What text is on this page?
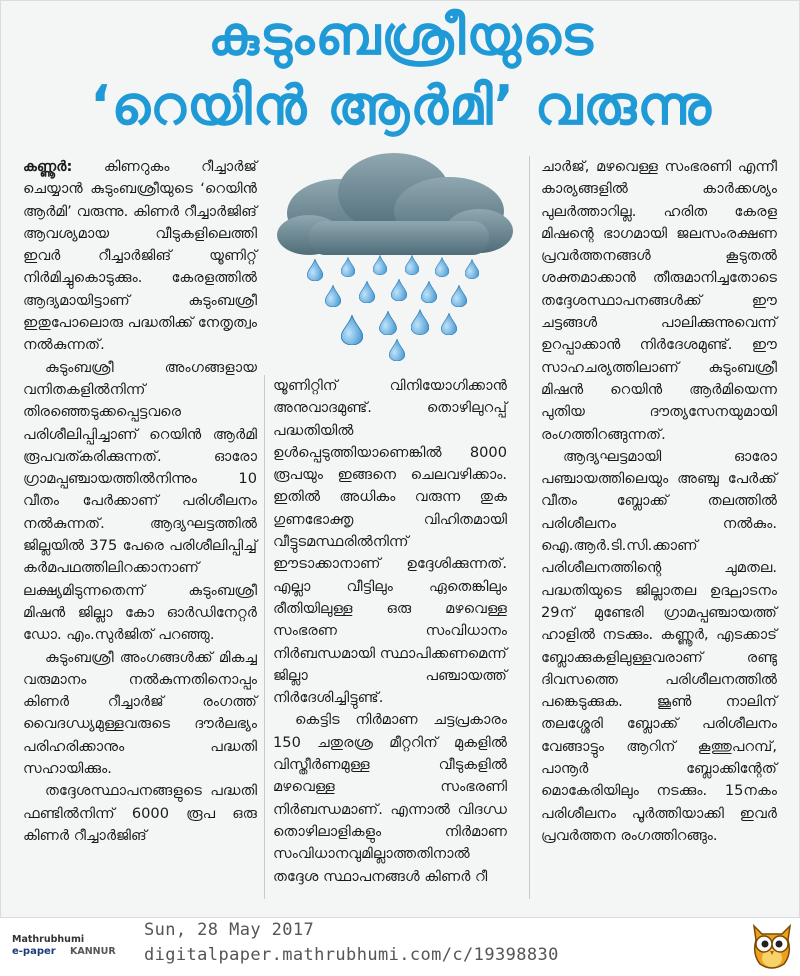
കുടുംബശ്രീയുടെ
‘റെയിൻ ആർമി’ വരുന്നു

കണ്ണൂർ: കിണറുകം റീച്ചാർജ് ചെയ്യാൻ കുടുംബശ്രീയുടെ ‘റെയിൻ ആർമി’ വരുന്നു. കിണർ റീച്ചാർജിങ് ആവശ്യമായ വീടുകളിലെത്തി ഇവർ റീച്ചാർജിങ് യൂണിറ്റ് നിർമിച്ചുകൊടുക്കും. കേരളത്തിൽ ആദ്യമായിട്ടാണ് കുടുംബശ്രീ ഇതുപോലൊരു പദ്ധതിക്ക് നേതൃത്വം നൽകുന്നത്.

കുടുംബശ്രീ അംഗങ്ങളായ വനിതകളിൽനിന്ന് തിരഞ്ഞെടുക്കപ്പെട്ടവരെ പരിശീലിപ്പിച്ചാണ് റെയിൻ ആർമി രൂപവത്കരിക്കുന്നത്. ഓരോ ഗ്രാമപ്പഞ്ചായത്തിൽനിന്നും 10 വീതം പേർക്കാണ് പരിശീലനം നൽകുന്നത്. ആദ്യഘട്ടത്തിൽ ജില്ലയിൽ 375 പേരെ പരിശീലിപ്പിച്ച് കർമപഥത്തിലിറക്കാനാണ് ലക്ഷ്യമിടുന്നതെന്ന് കുടുംബശ്രീ മിഷൻ ജില്ലാ കോ ഓർഡിനേറ്റർ ഡോ. എം.സുർജിത് പറഞ്ഞു.

കുടുംബശ്രീ അംഗങ്ങൾക്ക് മികച്ച വരുമാനം നൽകുന്നതിനൊപ്പം കിണർ റീച്ചാർജ് രംഗത്ത് വൈദഗ്ധ്യമുള്ളവരുടെ ദൗർലഭ്യം പരിഹരിക്കാനും പദ്ധതി സഹായിക്കും.

തദ്ദേശസ്ഥാപനങ്ങളുടെ പദ്ധതി ഫണ്ടിൽനിന്ന് 6000 രൂപ ഒരു കിണർ റീച്ചാർജിങ്

യൂണിറ്റിന് വിനിയോഗിക്കാൻ അനുവാദമുണ്ട്. തൊഴിലുറപ്പ് പദ്ധതിയിൽ ഉൾപ്പെടുത്തിയാണെങ്കിൽ 8000 രൂപയും ഇങ്ങനെ ചെലവഴിക്കാം. ഇതിൽ അധികം വരുന്ന തുക ഗുണഭോക്തൃ വിഹിതമായി വീട്ടുടമസ്ഥരിൽനിന്ന് ഈടാക്കാനാണ് ഉദ്ദേശിക്കുന്നത്. എല്ലാ വീട്ടിലും ഏതെങ്കിലും രീതിയിലുള്ള ഒരു മഴവെള്ള സംഭരണ സംവിധാനം നിർബന്ധമായി സ്ഥാപിക്കണമെന്ന് ജില്ലാ പഞ്ചായത്ത് നിർദേശിച്ചിട്ടുണ്ട്.

കെട്ടിട നിർമാണ ചട്ടപ്രകാരം 150 ചതുരശ്ര മീറ്ററിന് മുകളിൽ വിസ്തീർണമുള്ള വീടുകളിൽ മഴവെള്ള സംഭരണി നിർബന്ധമാണ്. എന്നാൽ വിദഗ്ധ തൊഴിലാളികളും നിർമാണ സംവിധാനവുമില്ലാത്തതിനാൽ തദ്ദേശ സ്ഥാപനങ്ങൾ കിണർ റീ

ചാർജ്, മഴവെള്ള സംഭരണി എന്നീ കാര്യങ്ങളിൽ കാർക്കശ്യം പുലർത്താറില്ല. ഹരിത കേരള മിഷന്റെ ഭാഗമായി ജലസംരക്ഷണ പ്രവർത്തനങ്ങൾ കൂടുതൽ ശക്തമാക്കാൻ തീരുമാനിച്ചതോടെ തദ്ദേശസ്ഥാപനങ്ങൾക്ക് ഈ ചട്ടങ്ങൾ പാലിക്കുന്നുവെന്ന് ഉറപ്പാക്കാൻ നിർദേശമുണ്ട്. ഈ സാഹചര്യത്തിലാണ് കുടുംബശ്രീ മിഷൻ റെയിൻ ആർമിയെന്ന പുതിയ ദൗത്യസേനയുമായി രംഗത്തിറങ്ങുന്നത്.

ആദ്യഘട്ടമായി ഓരോ പഞ്ചായത്തിലെയും അഞ്ചു പേർക്ക് വീതം ബ്ലോക്ക് തലത്തിൽ പരിശീലനം നൽകും. ഐ.ആർ.ടി.സി.ക്കാണ് പരിശീലനത്തിന്റെ ചുമതല. പദ്ധതിയുടെ ജില്ലാതല ഉദ്ഘാടനം 29ന് മുണ്ടേരി ഗ്രാമപ്പഞ്ചായത്ത് ഹാളിൽ നടക്കും. കണ്ണൂർ, എടക്കാട് ബ്ലോക്കുകളിലുള്ളവരാണ് രണ്ടു ദിവസത്തെ പരിശീലനത്തിൽ പങ്കെടുക്കുക. ജൂൺ നാലിന് തലശ്ശേരി ബ്ലോക്ക് പരിശീലനം വേങ്ങാട്ടും ആറിന് കൂത്തുപറമ്പ്, പാനൂർ ബ്ലോക്കിന്റേത് മൊകേരിയിലും നടക്കും. 15നകം പരിശീലനം പൂർത്തിയാക്കി ഇവർ പ്രവർത്തന രംഗത്തിറങ്ങും.

Mathrubhumi
e-paper KANNUR
Sun, 28 May 2017
digitalpaper.mathrubhumi.com/c/19398830
